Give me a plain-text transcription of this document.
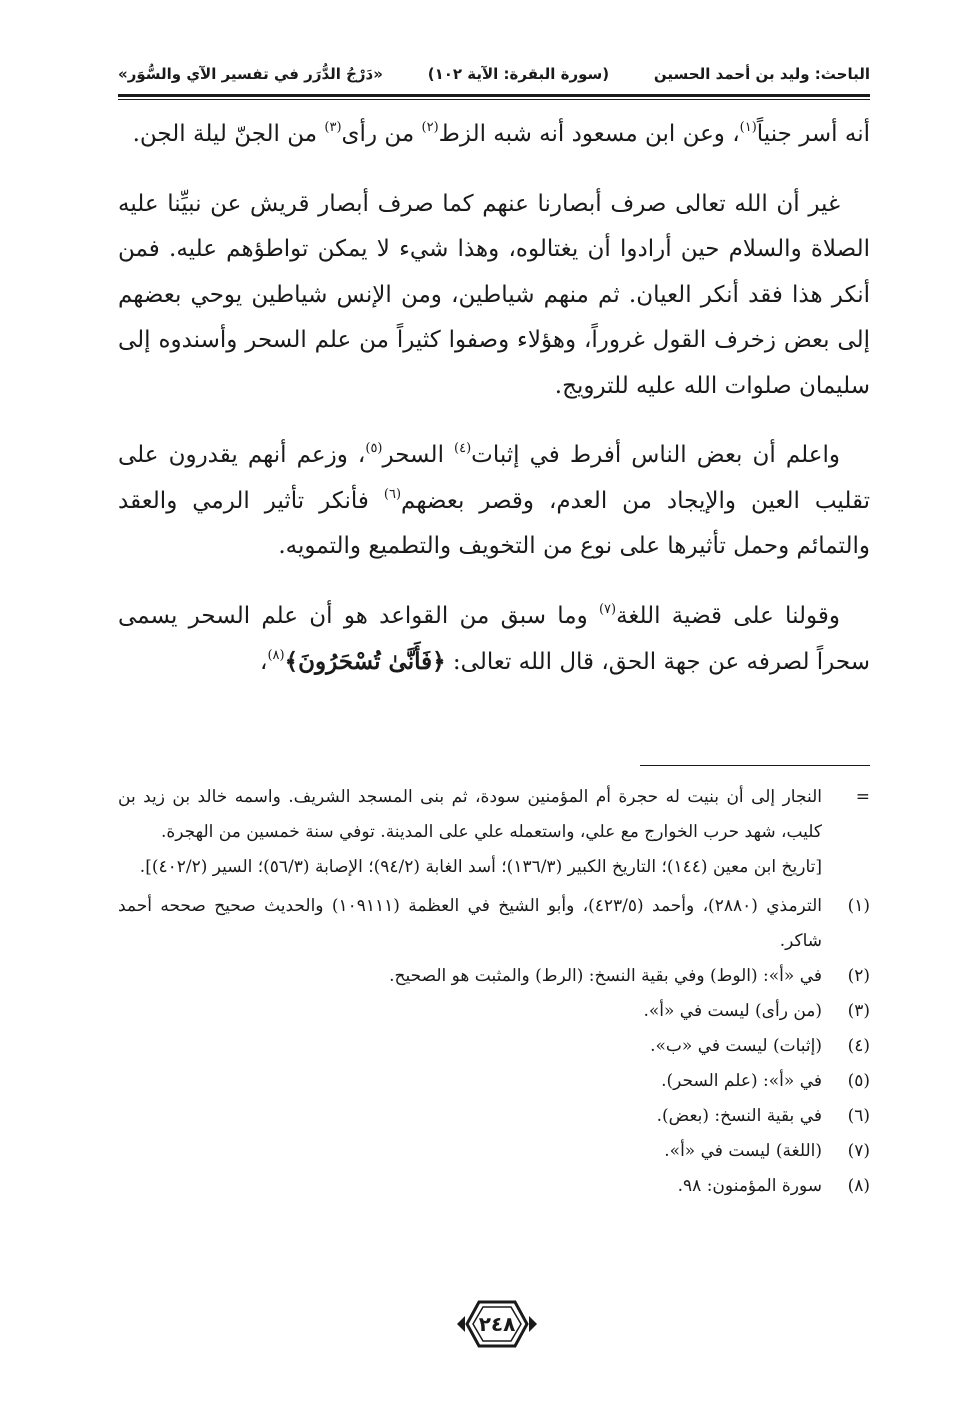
الباحث: وليد بن أحمد الحسين
(سورة البقرة: الآية ١٠٢)
«دَرْجُ الدُّرَر في تفسير الآي والسُّوَر»

أنه أسر جنياً$^{(١)}$، وعن ابن مسعود أنه شبه الزط$^{(٢)}$ من رأى$^{(٣)}$ من الجنّ ليلة الجن.

غير أن الله تعالى صرف أبصارنا عنهم كما صرف أبصار قريش عن نبيِّنا عليه الصلاة والسلام حين أرادوا أن يغتالوه، وهذا شيء لا يمكن تواطؤهم عليه. فمن أنكر هذا فقد أنكر العيان. ثم منهم شياطين، ومن الإنس شياطين يوحي بعضهم إلى بعض زخرف القول غروراً، وهؤلاء وصفوا كثيراً من علم السحر وأسندوه إلى سليمان صلوات الله عليه للترويج.

واعلم أن بعض الناس أفرط في إثبات$^{(٤)}$ السحر$^{(٥)}$، وزعم أنهم يقدرون على تقليب العين والإيجاد من العدم، وقصر بعضهم$^{(٦)}$ فأنكر تأثير الرمي والعقد والتمائم وحمل تأثيرها على نوع من التخويف والتطميع والتمويه.

وقولنا على قضية اللغة$^{(٧)}$ وما سبق من القواعد هو أن علم السحر يسمى سحراً لصرفه عن جهة الحق، قال الله تعالى: ﴿فَأَنَّىٰ تُسْحَرُونَ﴾$^{(٨)}$،

=
النجار إلى أن بنيت له حجرة أم المؤمنين سودة، ثم بنى المسجد الشريف. واسمه خالد بن زيد بن كليب، شهد حرب الخوارج مع علي، واستعمله علي على المدينة. توفي سنة خمسين من الهجرة.
[تاريخ ابن معين (١٤٤)؛ التاريخ الكبير (١٣٦/٣)؛ أسد الغابة (٩٤/٢)؛ الإصابة (٥٦/٣)؛ السير (٤٠٢/٢)].
(١)
الترمذي (٢٨٨٠)، وأحمد (٤٢٣/٥)، وأبو الشيخ في العظمة (١٠٩١١١) والحديث صحيح صححه أحمد شاكر.
(٢)
في «أ»: (الوط) وفي بقية النسخ: (الرط) والمثبت هو الصحيح.
(٣)
(من رأى) ليست في «أ».
(٤)
(إثبات) ليست في «ب».
(٥)
في «أ»: (علم السحر).
(٦)
في بقية النسخ: (بعض).
(٧)
(اللغة) ليست في «أ».
(٨)
سورة المؤمنون: ٩٨.
٢٤٨
